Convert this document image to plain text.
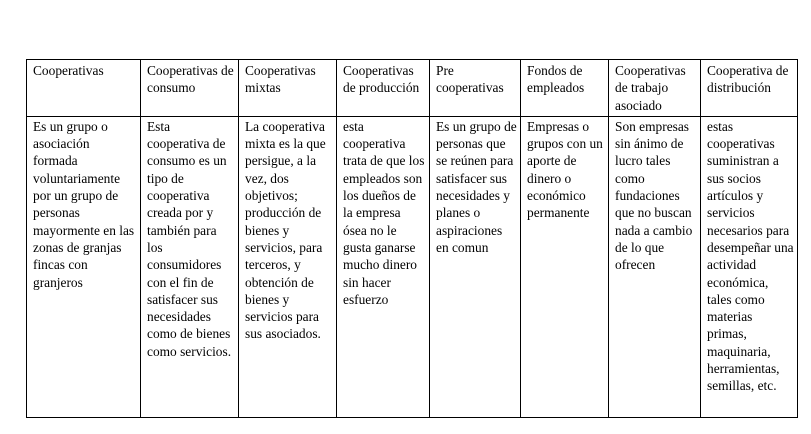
Cooperativas	Cooperativas de consumo	Cooperativas mixtas	Cooperativas de producción	Pre cooperativas	Fondos de empleados	Cooperativas de trabajo asociado	Cooperativa de distribución
Es un grupo o asociación formada voluntariamente por un grupo de personas mayormente en las zonas de granjas fincas con granjeros	Esta cooperativa de consumo es un tipo de cooperativa creada por y también para los consumidores con el fin de satisfacer sus necesidades como de bienes como servicios.	La cooperativa mixta es la que persigue, a la vez, dos objetivos; producción de bienes y servicios, para terceros, y obtención de bienes y servicios para sus asociados.	esta cooperativa trata de que los empleados son los dueños de la empresa ósea no le gusta ganarse mucho dinero sin hacer esfuerzo	Es un grupo de personas que se reúnen para satisfacer sus necesidades y planes o aspiraciones en comun	Empresas o grupos con un aporte de dinero o económico permanente	Son empresas sin ánimo de lucro tales como fundaciones que no buscan nada a cambio de lo que ofrecen	estas cooperativas suministran a sus socios artículos y servicios necesarios para desempeñar una actividad económica, tales como materias primas, maquinaria, herramientas, semillas, etc.
